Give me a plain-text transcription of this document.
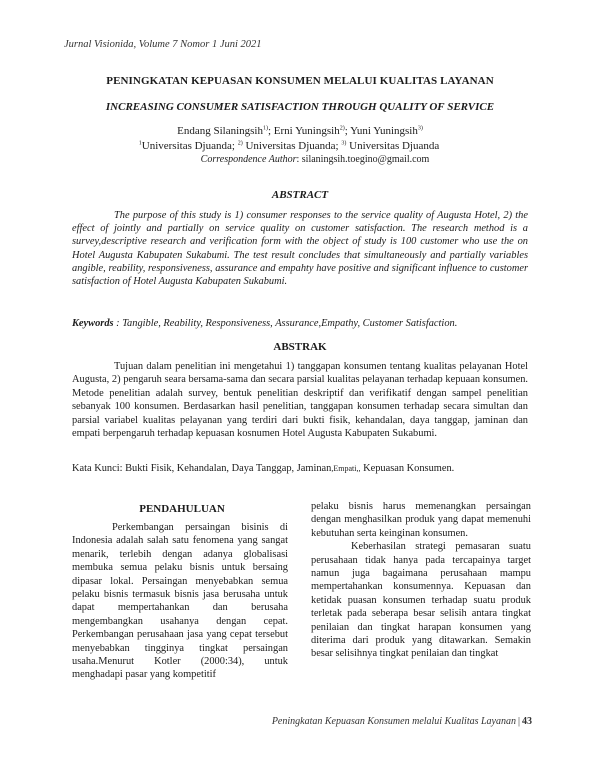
Jurnal Visionida, Volume 7 Nomor 1 Juni 2021
PENINGKATAN KEPUASAN KONSUMEN MELALUI KUALITAS LAYANAN
INCREASING CONSUMER SATISFACTION THROUGH QUALITY OF SERVICE
Endang Silaningsih$^{1)}$; Erni Yuningsih$^{2)}$; Yuni Yuningsih$^{3)}$
$^1$Universitas Djuanda; $^{2)}$ Universitas Djuanda; $^{3)}$ Universitas Djuanda
Correspondence Author: silaningsih.toegino@gmail.com
ABSTRACT
The purpose of this study is 1) consumer responses to the service quality of Augusta Hotel, 2) the effect of jointly and partially on service quality on customer satisfaction. The research method is a survey,descriptive research and verification form with the object of study is 100 customer who use the on Hotel Augusta Kabupaten Sukabumi. The test result concludes that simultaneously and partially variables angible, reability, responsiveness, assurance and empahty have positive and significant influence to customer satisfaction of Hotel Augusta Kabupaten Sukabumi.
Keywords : Tangible, Reability, Responsiveness, Assurance,Empathy, Customer Satisfaction.
ABSTRAK
Tujuan dalam penelitian ini mengetahui 1) tanggapan konsumen tentang kualitas pelayanan Hotel Augusta, 2) pengaruh seara bersama-sama dan secara parsial kualitas pelayanan terhadap kepuaan konsumen. Metode penelitian adalah survey, bentuk penelitian deskriptif dan verifikatif dengan sampel penelitian sebanyak 100 konsumen. Berdasarkan hasil penelitian, tanggapan konsumen terhadap secara simultan dan parsial variabel kualitas pelayanan yang terdiri dari bukti fisik, kehandalan, daya tanggap, jaminan dan empati berpengaruh terhadap kepuasan kosnumen Hotel Augusta Kabupaten Sukabumi.
Kata Kunci: Bukti Fisik, Kehandalan, Daya Tanggap, Jaminan,Empati,, Kepuasan Konsumen.
PENDAHULUAN

Perkembangan persaingan bisinis di Indonesia adalah salah satu fenomena yang sangat menarik, terlebih dengan adanya globalisasi membuka semua pelaku bisnis untuk bersaing dipasar lokal. Persaingan menyebabkan semua pelaku bisnis termasuk bisnis jasa berusaha untuk dapat mempertahankan dan berusaha mengembangkan usahanya dengan cepat. Perkembangan perusahaan jasa yang cepat tersebut menyebabkan tingginya tingkat persaingan usaha.Menurut Kotler (2000:34), untuk menghadapi pasar yang kompetitif

pelaku bisnis harus memenangkan persaingan dengan menghasilkan produk yang dapat memenuhi kebutuhan serta keinginan konsumen.

Keberhasilan strategi pemasaran suatu perusahaan tidak hanya pada tercapainya target namun juga bagaimana perusahaan mampu mempertahankan konsumennya. Kepuasan dan ketidak puasan konsumen terhadap suatu produk terletak pada seberapa besar selisih antara tingkat penilaian dan tingkat harapan konsumen yang diterima dari produk yang ditawarkan. Semakin besar selisihnya tingkat penilaian dan tingkat

Peningkatan Kepuasan Konsumen melalui Kualitas Layanan | 43
